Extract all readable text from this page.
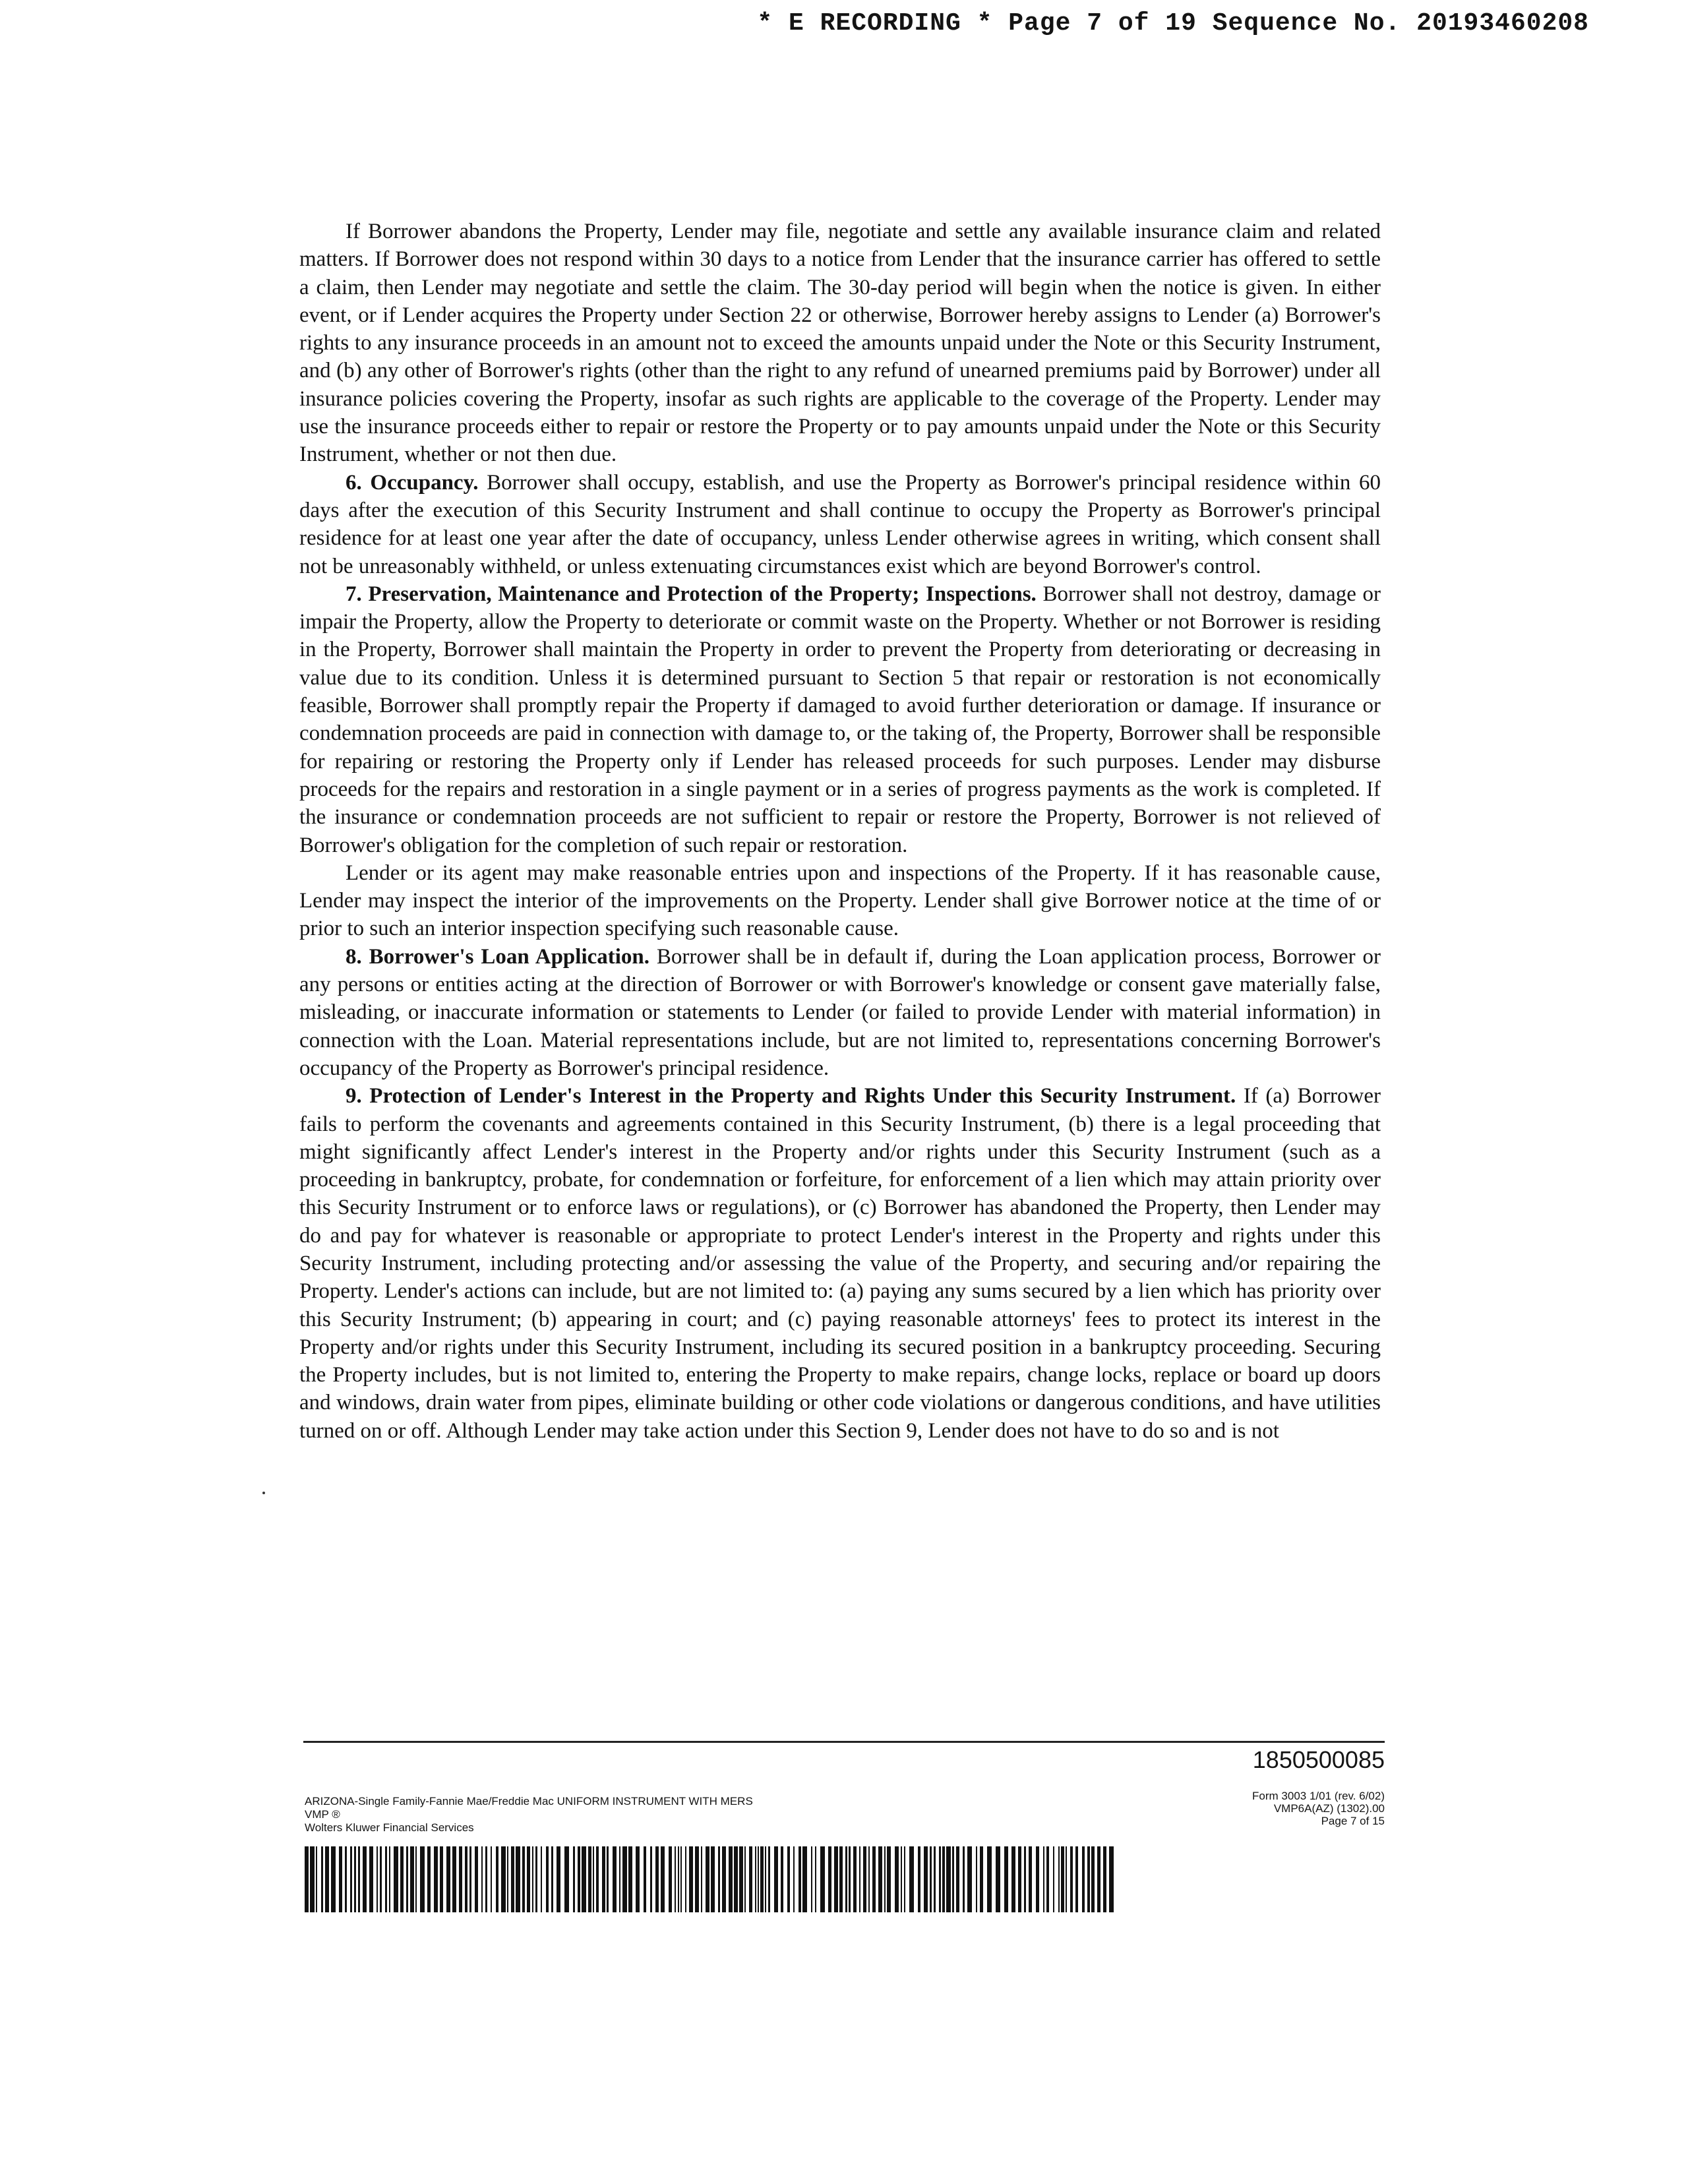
* E RECORDING * Page 7 of 19 Sequence No. 20193460208

If Borrower abandons the Property, Lender may file, negotiate and settle any available insurance claim and related matters. If Borrower does not respond within 30 days to a notice from Lender that the insurance carrier has offered to settle a claim, then Lender may negotiate and settle the claim. The 30-day period will begin when the notice is given. In either event, or if Lender acquires the Property under Section 22 or otherwise, Borrower hereby assigns to Lender (a) Borrower's rights to any insurance proceeds in an amount not to exceed the amounts unpaid under the Note or this Security Instrument, and (b) any other of Borrower's rights (other than the right to any refund of unearned premiums paid by Borrower) under all insurance policies covering the Property, insofar as such rights are applicable to the coverage of the Property. Lender may use the insurance proceeds either to repair or restore the Property or to pay amounts unpaid under the Note or this Security Instrument, whether or not then due.

6. Occupancy. Borrower shall occupy, establish, and use the Property as Borrower's principal residence within 60 days after the execution of this Security Instrument and shall continue to occupy the Property as Borrower's principal residence for at least one year after the date of occupancy, unless Lender otherwise agrees in writing, which consent shall not be unreasonably withheld, or unless extenuating circumstances exist which are beyond Borrower's control.

7. Preservation, Maintenance and Protection of the Property; Inspections. Borrower shall not destroy, damage or impair the Property, allow the Property to deteriorate or commit waste on the Property. Whether or not Borrower is residing in the Property, Borrower shall maintain the Property in order to prevent the Property from deteriorating or decreasing in value due to its condition. Unless it is determined pursuant to Section 5 that repair or restoration is not economically feasible, Borrower shall promptly repair the Property if damaged to avoid further deterioration or damage. If insurance or condemnation proceeds are paid in connection with damage to, or the taking of, the Property, Borrower shall be responsible for repairing or restoring the Property only if Lender has released proceeds for such purposes. Lender may disburse proceeds for the repairs and restoration in a single payment or in a series of progress payments as the work is completed. If the insurance or condemnation proceeds are not sufficient to repair or restore the Property, Borrower is not relieved of Borrower's obligation for the completion of such repair or restoration.

Lender or its agent may make reasonable entries upon and inspections of the Property. If it has reasonable cause, Lender may inspect the interior of the improvements on the Property. Lender shall give Borrower notice at the time of or prior to such an interior inspection specifying such reasonable cause.

8. Borrower's Loan Application. Borrower shall be in default if, during the Loan application process, Borrower or any persons or entities acting at the direction of Borrower or with Borrower's knowledge or consent gave materially false, misleading, or inaccurate information or statements to Lender (or failed to provide Lender with material information) in connection with the Loan. Material representations include, but are not limited to, representations concerning Borrower's occupancy of the Property as Borrower's principal residence.

9. Protection of Lender's Interest in the Property and Rights Under this Security Instrument. If (a) Borrower fails to perform the covenants and agreements contained in this Security Instrument, (b) there is a legal proceeding that might significantly affect Lender's interest in the Property and/or rights under this Security Instrument (such as a proceeding in bankruptcy, probate, for condemnation or forfeiture, for enforcement of a lien which may attain priority over this Security Instrument or to enforce laws or regulations), or (c) Borrower has abandoned the Property, then Lender may do and pay for whatever is reasonable or appropriate to protect Lender's interest in the Property and rights under this Security Instrument, including protecting and/or assessing the value of the Property, and securing and/or repairing the Property. Lender's actions can include, but are not limited to: (a) paying any sums secured by a lien which has priority over this Security Instrument; (b) appearing in court; and (c) paying reasonable attorneys' fees to protect its interest in the Property and/or rights under this Security Instrument, including its secured position in a bankruptcy proceeding. Securing the Property includes, but is not limited to, entering the Property to make repairs, change locks, replace or board up doors and windows, drain water from pipes, eliminate building or other code violations or dangerous conditions, and have utilities turned on or off. Although Lender may take action under this Section 9, Lender does not have to do so and is not

1850500085
ARIZONA-Single Family-Fannie Mae/Freddie Mac UNIFORM INSTRUMENT WITH MERS
VMP ®
Wolters Kluwer Financial Services
Form 3003 1/01 (rev. 6/02)
VMP6A(AZ) (1302).00
Page 7 of 15
